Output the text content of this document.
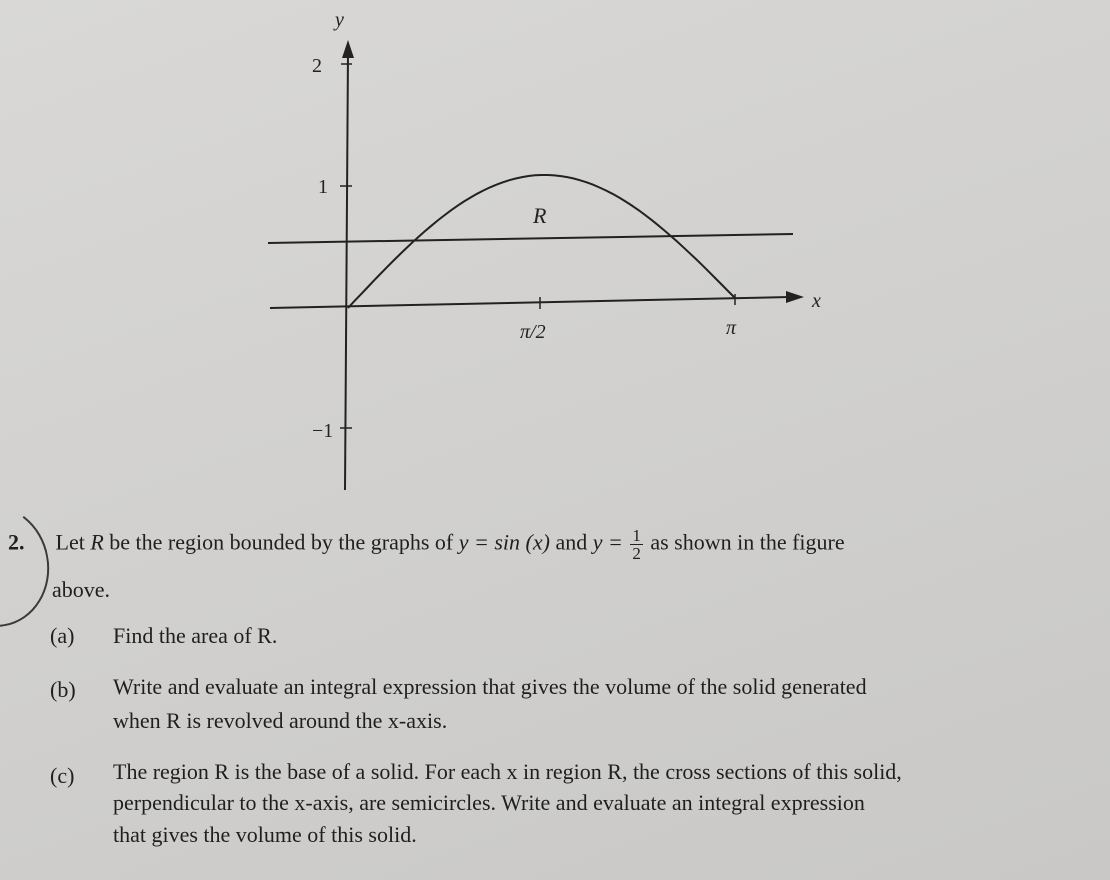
y
x
2
1
−1
π/2	π
R
2. Let R be the region bounded by the graphs of y = sin (x) and $y = \frac{1}{2}$ as shown in the figure
above.
(a) Find the area of R.
(b) Write and evaluate an integral expression that gives the volume of the solid generated
when R is revolved around the x-axis.
(c) The region R is the base of a solid. For each x in region R, the cross sections of this solid,
perpendicular to the x-axis, are semicircles. Write and evaluate an integral expression
that gives the volume of this solid.
